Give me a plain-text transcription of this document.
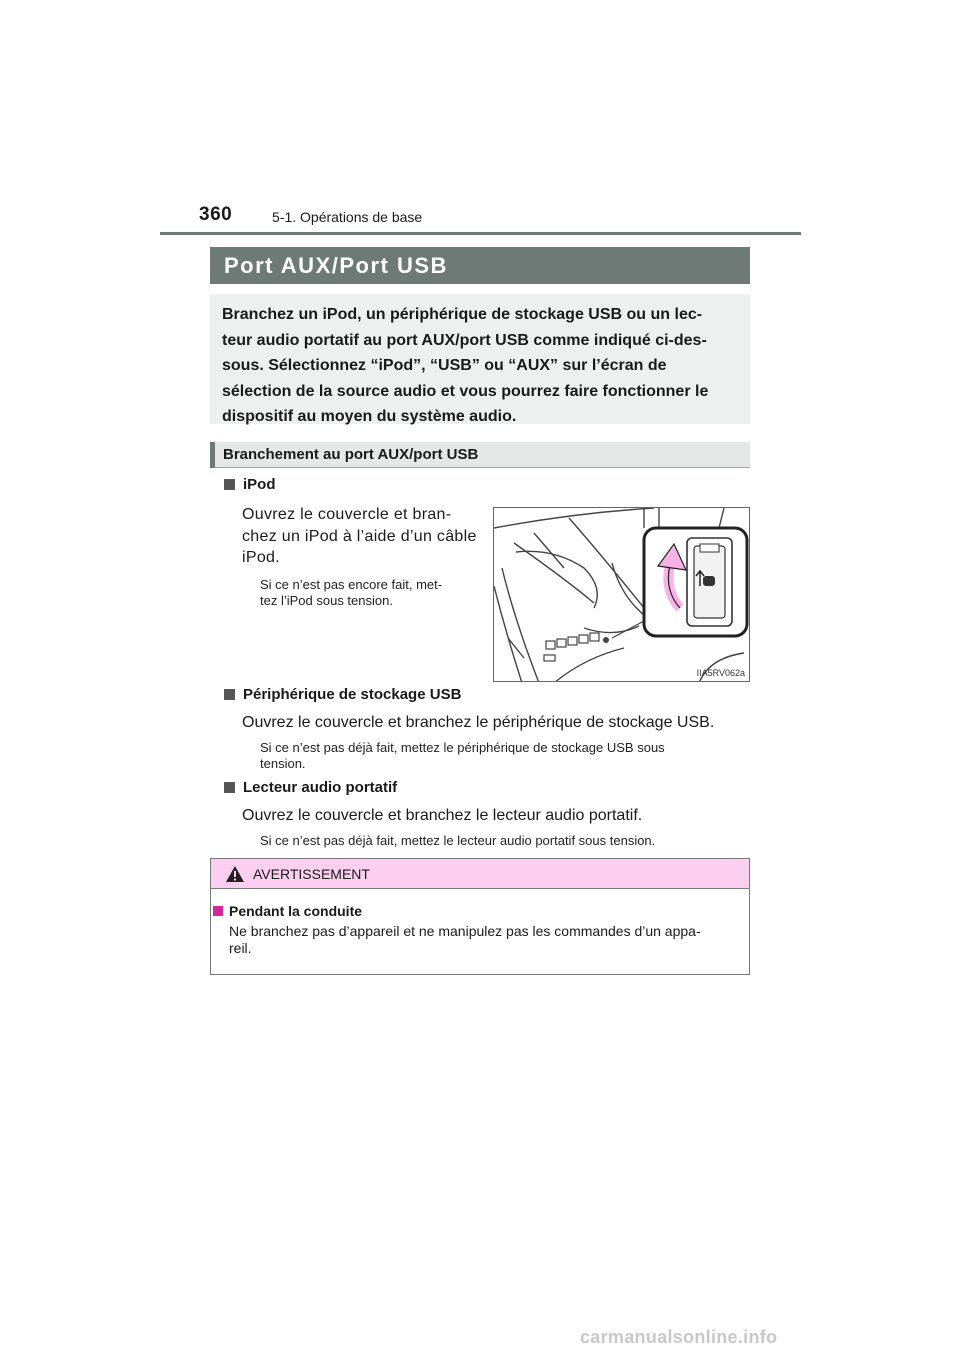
360	5-1. Opérations de base
Port AUX/Port USB
Branchez un iPod, un périphérique de stockage USB ou un lec-
teur audio portatif au port AUX/port USB comme indiqué ci-des-
sous. Sélectionnez “iPod”, “USB” ou “AUX” sur l’écran de
sélection de la source audio et vous pourrez faire fonctionner le
dispositif au moyen du système audio.
Branchement au port AUX/port USB
iPod
Ouvrez le couvercle et bran-
chez un iPod à l’aide d’un câble
iPod.
Si ce n’est pas encore fait, met-
tez l’iPod sous tension.
IIA5RV062a
Périphérique de stockage USB
Ouvrez le couvercle et branchez le périphérique de stockage USB.
Si ce n’est pas déjà fait, mettez le périphérique de stockage USB sous
tension.
Lecteur audio portatif
Ouvrez le couvercle et branchez le lecteur audio portatif.
Si ce n’est pas déjà fait, mettez le lecteur audio portatif sous tension.
AVERTISSEMENT
Pendant la conduite
Ne branchez pas d’appareil et ne manipulez pas les commandes d’un appa-
reil.
carmanualsonline.info
